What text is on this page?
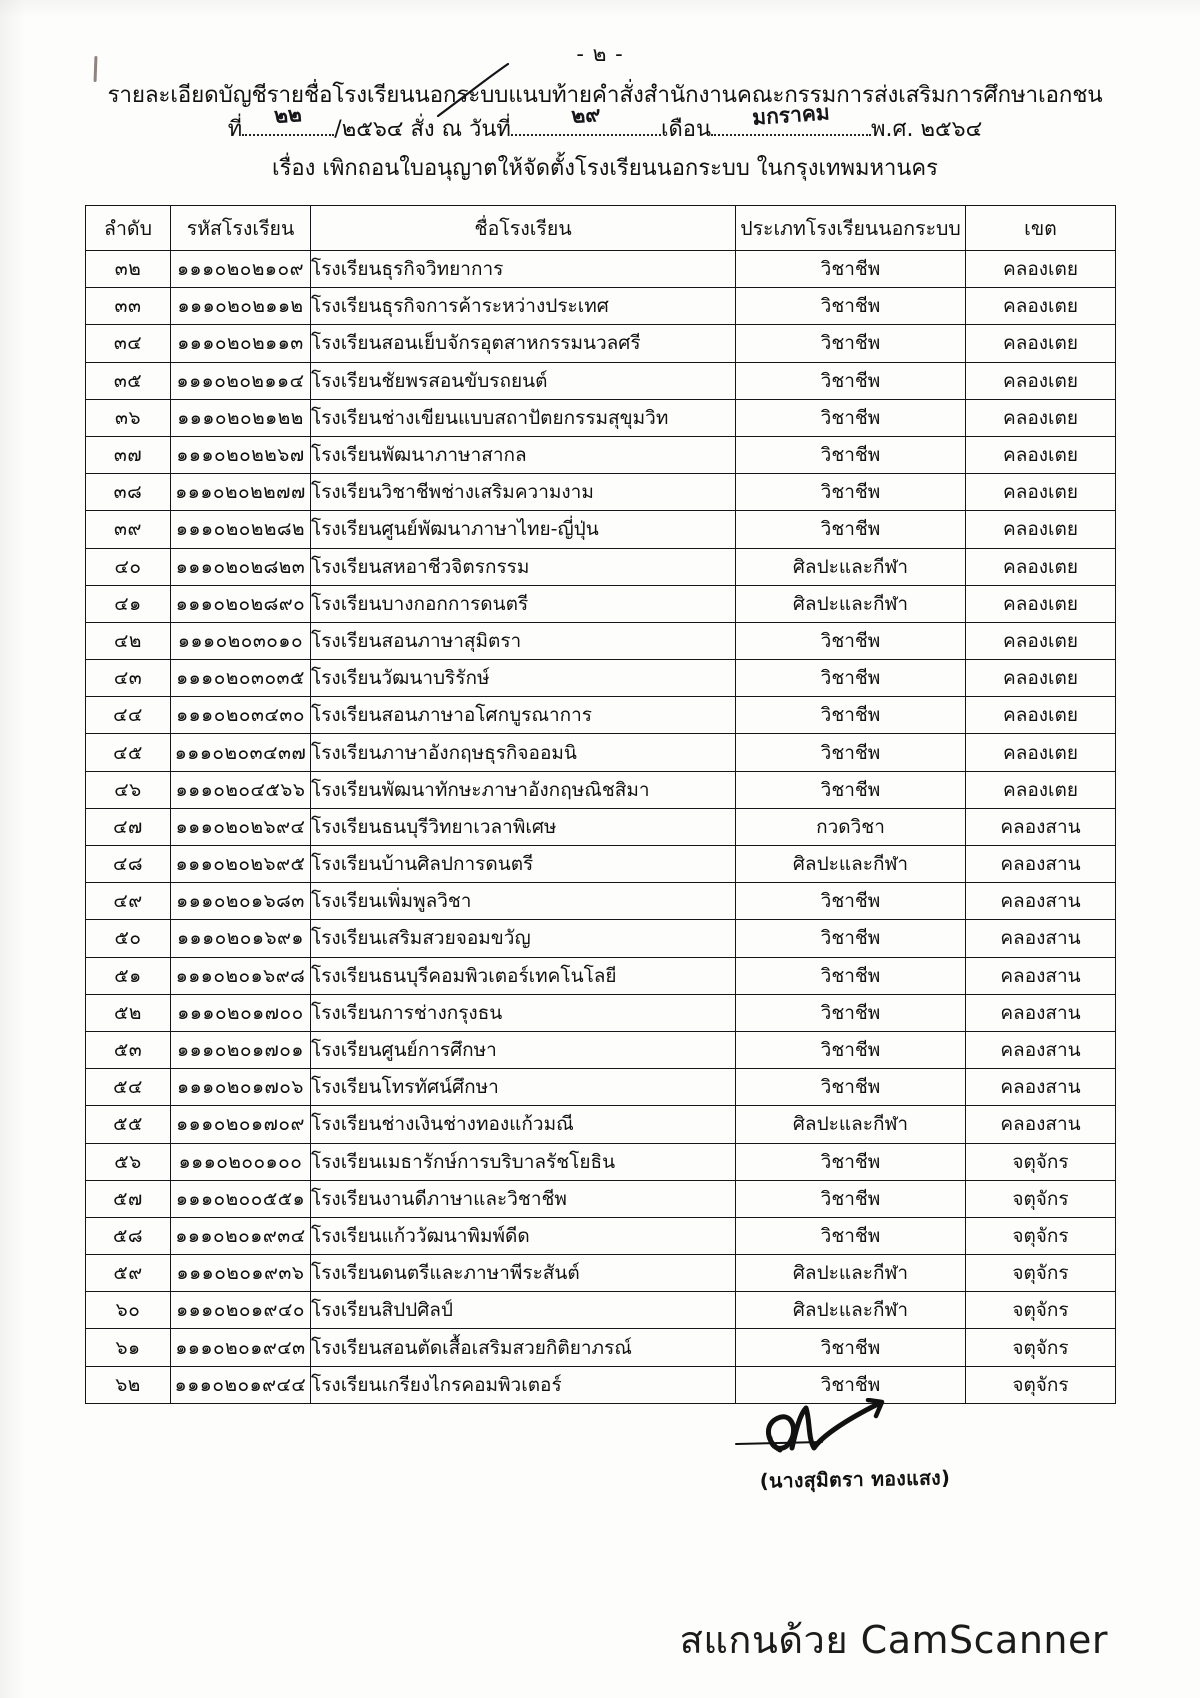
- ๒ -
รายละเอียดบัญชีรายชื่อโรงเรียนนอกระบบแนบท้ายคำสั่งสำนักงานคณะกรรมการส่งเสริมการศึกษาเอกชน
ที่
๒๒
/๒๕๖๔ สั่ง ณ วันที่
๒๙
เดือน
มกราคม
พ.ศ. ๒๕๖๔
เรื่อง เพิกถอนใบอนุญาตให้จัดตั้งโรงเรียนนอกระบบ ในกรุงเทพมหานคร
ลำดับ	รหัสโรงเรียน	ชื่อโรงเรียน	ประเภทโรงเรียนนอกระบบ	เขต
๓๒	๑๑๑๐๒๐๒๑๐๙	โรงเรียนธุรกิจวิทยาการ	วิชาชีพ	คลองเตย
๓๓	๑๑๑๐๒๐๒๑๑๒	โรงเรียนธุรกิจการค้าระหว่างประเทศ	วิชาชีพ	คลองเตย
๓๔	๑๑๑๐๒๐๒๑๑๓	โรงเรียนสอนเย็บจักรอุตสาหกรรมนวลศรี	วิชาชีพ	คลองเตย
๓๕	๑๑๑๐๒๐๒๑๑๔	โรงเรียนชัยพรสอนขับรถยนต์	วิชาชีพ	คลองเตย
๓๖	๑๑๑๐๒๐๒๑๒๒	โรงเรียนช่างเขียนแบบสถาปัตยกรรมสุขุมวิท	วิชาชีพ	คลองเตย
๓๗	๑๑๑๐๒๐๒๒๖๗	โรงเรียนพัฒนาภาษาสากล	วิชาชีพ	คลองเตย
๓๘	๑๑๑๐๒๐๒๒๗๗	โรงเรียนวิชาชีพช่างเสริมความงาม	วิชาชีพ	คลองเตย
๓๙	๑๑๑๐๒๐๒๒๘๒	โรงเรียนศูนย์พัฒนาภาษาไทย-ญี่ปุ่น	วิชาชีพ	คลองเตย
๔๐	๑๑๑๐๒๐๒๘๒๓	โรงเรียนสหอาชีวจิตรกรรม	ศิลปะและกีฬา	คลองเตย
๔๑	๑๑๑๐๒๐๒๘๙๐	โรงเรียนบางกอกการดนตรี	ศิลปะและกีฬา	คลองเตย
๔๒	๑๑๑๐๒๐๓๐๑๐	โรงเรียนสอนภาษาสุมิตรา	วิชาชีพ	คลองเตย
๔๓	๑๑๑๐๒๐๓๐๓๕	โรงเรียนวัฒนาบริรักษ์	วิชาชีพ	คลองเตย
๔๔	๑๑๑๐๒๐๓๔๓๐	โรงเรียนสอนภาษาอโศกบูรณาการ	วิชาชีพ	คลองเตย
๔๕	๑๑๑๐๒๐๓๔๓๗	โรงเรียนภาษาอังกฤษธุรกิจออมนิ	วิชาชีพ	คลองเตย
๔๖	๑๑๑๐๒๐๔๕๖๖	โรงเรียนพัฒนาทักษะภาษาอังกฤษณิชสิมา	วิชาชีพ	คลองเตย
๔๗	๑๑๑๐๒๐๒๖๙๔	โรงเรียนธนบุรีวิทยาเวลาพิเศษ	กวดวิชา	คลองสาน
๔๘	๑๑๑๐๒๐๒๖๙๕	โรงเรียนบ้านศิลปการดนตรี	ศิลปะและกีฬา	คลองสาน
๔๙	๑๑๑๐๒๐๑๖๘๓	โรงเรียนเพิ่มพูลวิชา	วิชาชีพ	คลองสาน
๕๐	๑๑๑๐๒๐๑๖๙๑	โรงเรียนเสริมสวยจอมขวัญ	วิชาชีพ	คลองสาน
๕๑	๑๑๑๐๒๐๑๖๙๘	โรงเรียนธนบุรีคอมพิวเตอร์เทคโนโลยี	วิชาชีพ	คลองสาน
๕๒	๑๑๑๐๒๐๑๗๐๐	โรงเรียนการช่างกรุงธน	วิชาชีพ	คลองสาน
๕๓	๑๑๑๐๒๐๑๗๐๑	โรงเรียนศูนย์การศึกษา	วิชาชีพ	คลองสาน
๕๔	๑๑๑๐๒๐๑๗๐๖	โรงเรียนโทรทัศน์ศึกษา	วิชาชีพ	คลองสาน
๕๕	๑๑๑๐๒๐๑๗๐๙	โรงเรียนช่างเงินช่างทองแก้วมณี	ศิลปะและกีฬา	คลองสาน
๕๖	๑๑๑๐๒๐๐๑๐๐	โรงเรียนเมธารักษ์การบริบาลรัชโยธิน	วิชาชีพ	จตุจักร
๕๗	๑๑๑๐๒๐๐๕๕๑	โรงเรียนงานดีภาษาและวิชาชีพ	วิชาชีพ	จตุจักร
๕๘	๑๑๑๐๒๐๑๙๓๔	โรงเรียนแก้ววัฒนาพิมพ์ดีด	วิชาชีพ	จตุจักร
๕๙	๑๑๑๐๒๐๑๙๓๖	โรงเรียนดนตรีและภาษาพีระสันต์	ศิลปะและกีฬา	จตุจักร
๖๐	๑๑๑๐๒๐๑๙๔๐	โรงเรียนสิปปศิลป์	ศิลปะและกีฬา	จตุจักร
๖๑	๑๑๑๐๒๐๑๙๔๓	โรงเรียนสอนตัดเสื้อเสริมสวยกิติยาภรณ์	วิชาชีพ	จตุจักร
๖๒	๑๑๑๐๒๐๑๙๔๔	โรงเรียนเกรียงไกรคอมพิวเตอร์	วิชาชีพ	จตุจักร
(นางสุมิตรา ทองแสง)
สแกนด้วย CamScanner
